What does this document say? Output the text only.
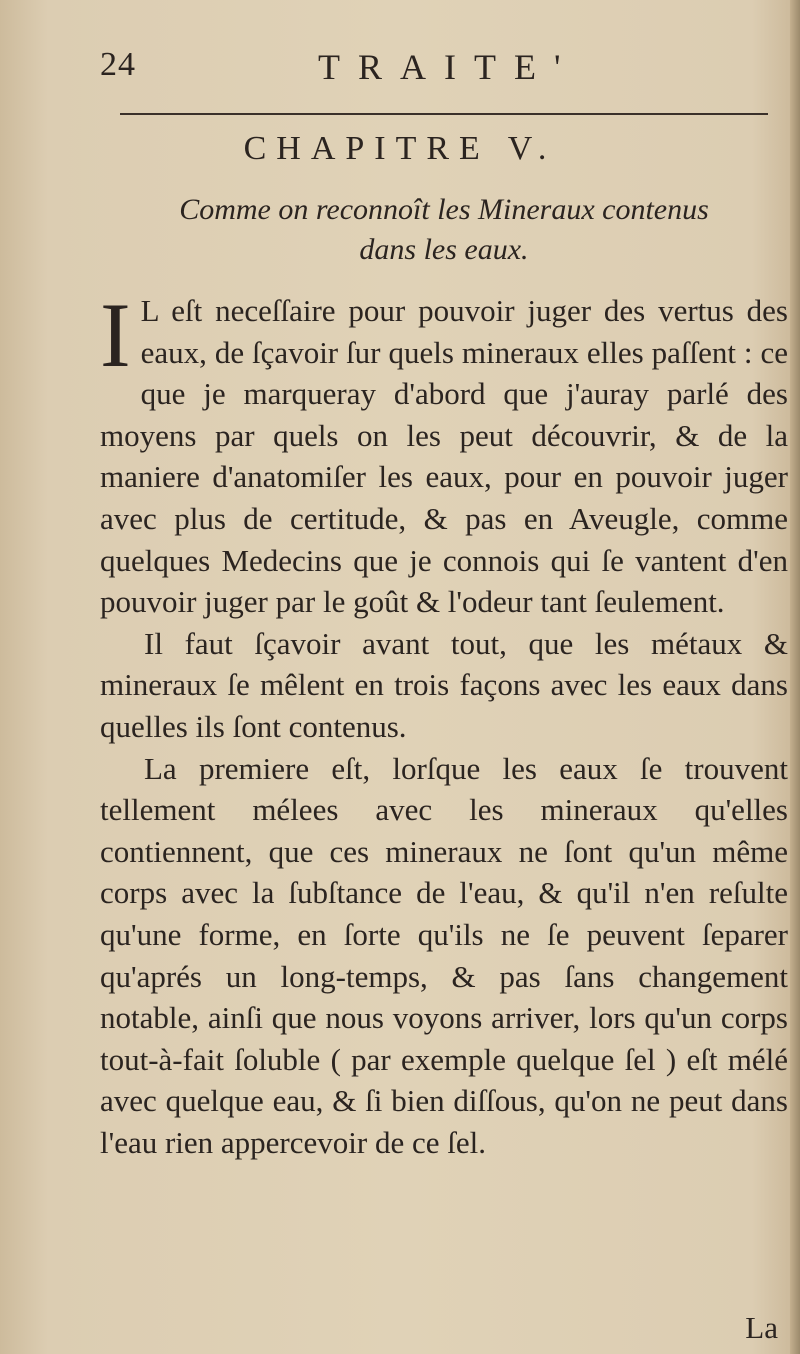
24	TRAITE'
CHAPITRE V.
Comme on reconnoît les Mineraux contenus
dans les eaux.

I L eſt neceſſaire pour pouvoir juger des vertus des eaux, de ſçavoir ſur quels mineraux elles paſſent : ce que je marqueray d'abord que j'auray parlé des moyens par quels on les peut découvrir, & de la maniere d'anatomiſer les eaux, pour en pouvoir juger avec plus de certitude, & pas en Aveugle, comme quelques Medecins que je connois qui ſe vantent d'en pouvoir juger par le goût & l'odeur tant ſeulement.

Il faut ſçavoir avant tout, que les métaux & mineraux ſe mêlent en trois façons avec les eaux dans quelles ils ſont contenus.

La premiere eſt, lorſque les eaux ſe trouvent tellement mélees avec les mineraux qu'elles contiennent, que ces mineraux ne ſont qu'un même corps avec la ſubſtance de l'eau, & qu'il n'en reſulte qu'une forme, en ſorte qu'ils ne ſe peuvent ſeparer qu'aprés un long-temps, & pas ſans changement notable, ainſi que nous voyons arriver, lors qu'un corps tout-à-fait ſoluble ( par exemple quelque ſel ) eſt mélé avec quelque eau, & ſi bien diſſous, qu'on ne peut dans l'eau rien appercevoir de ce ſel.

La
